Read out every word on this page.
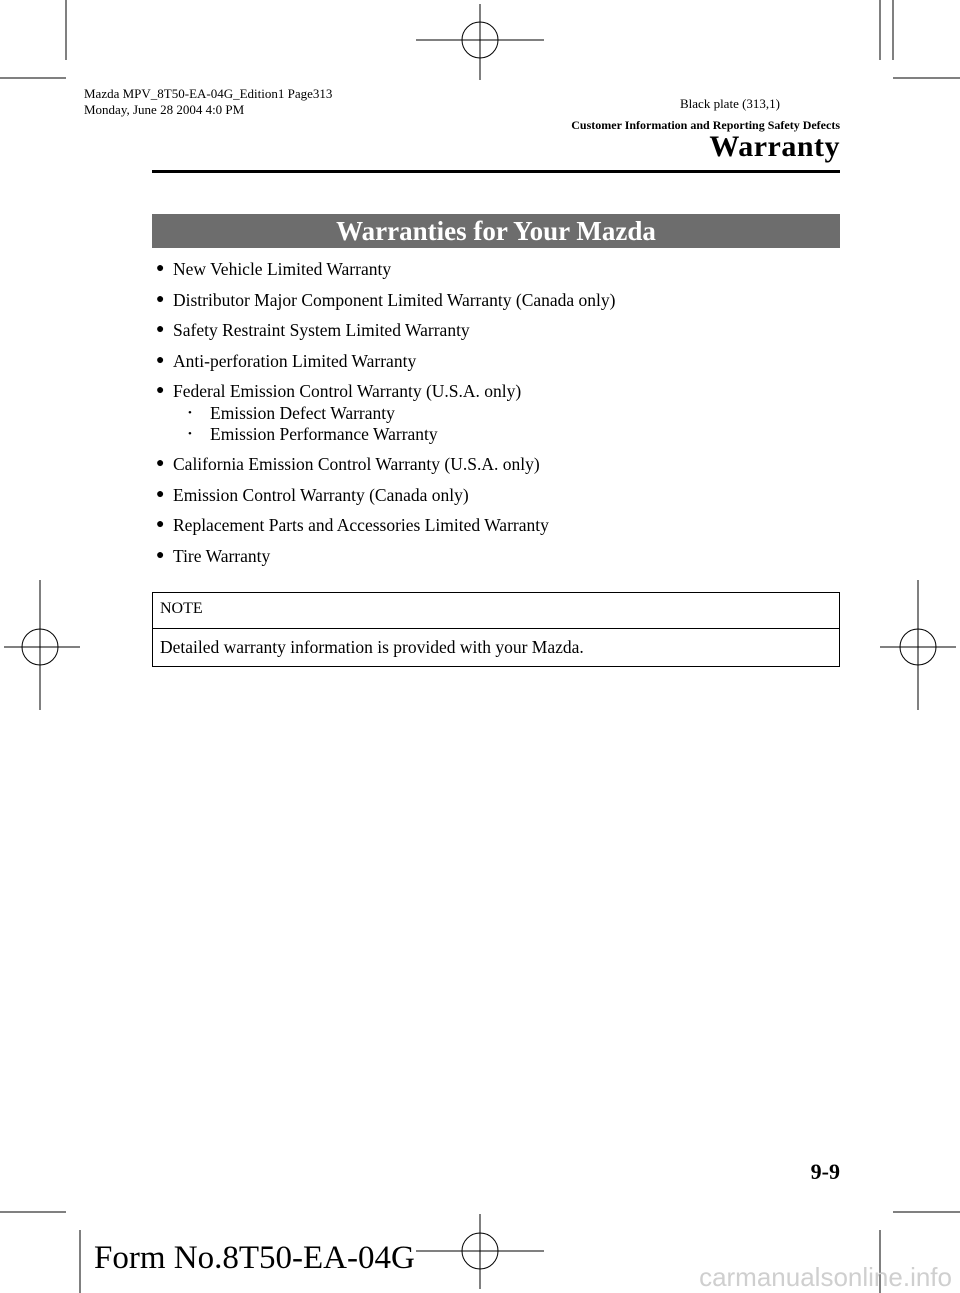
Mazda MPV_8T50-EA-04G_Edition1 Page313
Monday, June 28 2004 4:0 PM	Black plate (313,1)
Customer Information and Reporting Safety Defects
Warranty
Warranties for Your Mazda
● New Vehicle Limited Warranty
● Distributor Major Component Limited Warranty (Canada only)
● Safety Restraint System Limited Warranty
● Anti-perforation Limited Warranty
● Federal Emission Control Warranty (U.S.A. only)
• Emission Defect Warranty
• Emission Performance Warranty
● California Emission Control Warranty (U.S.A. only)
● Emission Control Warranty (Canada only)
● Replacement Parts and Accessories Limited Warranty
● Tire Warranty
NOTE
Detailed warranty information is provided with your Mazda.
9-9
Form No.8T50-EA-04G
carmanualsonline.info
